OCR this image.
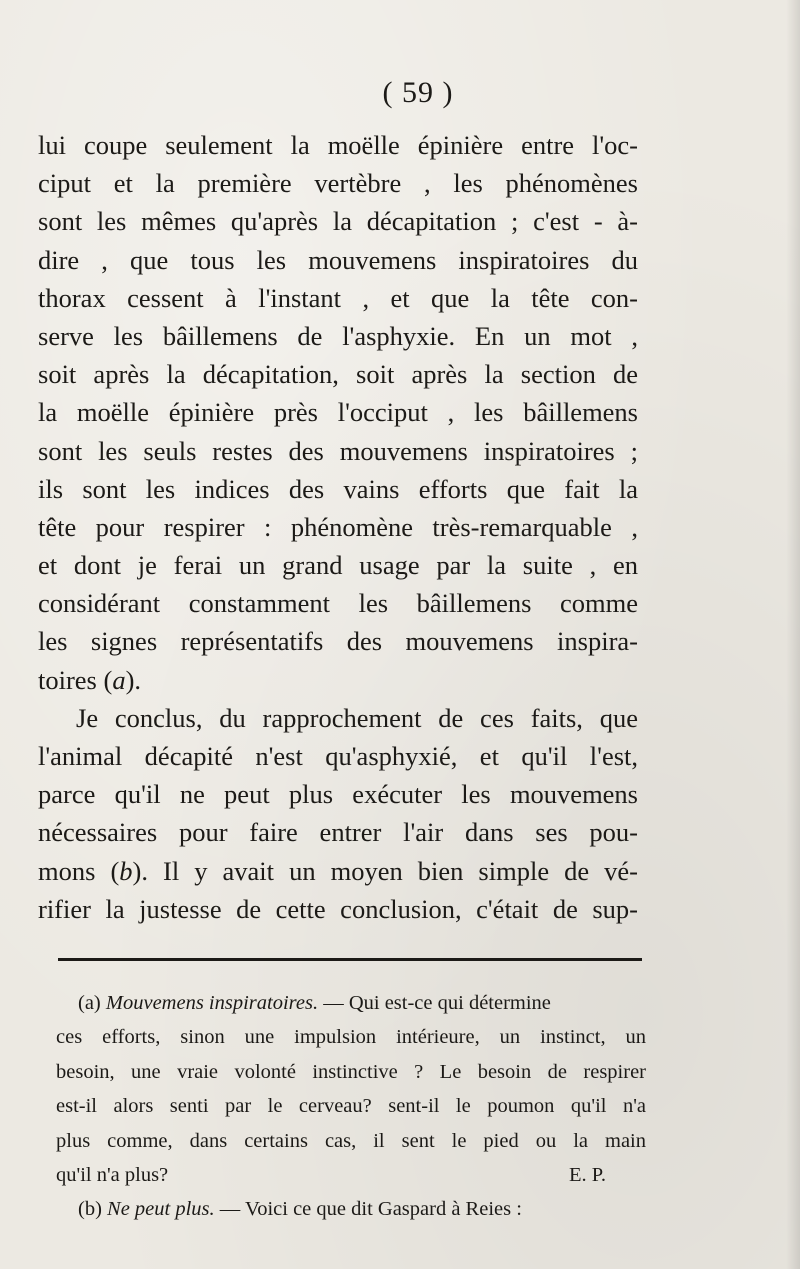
( 59 )
lui coupe seulement la moëlle épinière entre l'oc-
ciput et la première vertèbre , les phénomènes
sont les mêmes qu'après la décapitation ; c'est - à-
dire , que tous les mouvemens inspiratoires du
thorax cessent à l'instant , et que la tête con-
serve les bâillemens de l'asphyxie. En un mot ,
soit après la décapitation, soit après la section de
la moëlle épinière près l'occiput , les bâillemens
sont les seuls restes des mouvemens inspiratoires ;
ils sont les indices des vains efforts que fait la
tête pour respirer : phénomène très-remarquable ,
et dont je ferai un grand usage par la suite , en
considérant constamment les bâillemens comme
les signes représentatifs des mouvemens inspira-
toires (a).
Je conclus, du rapprochement de ces faits, que
l'animal décapité n'est qu'asphyxié, et qu'il l'est,
parce qu'il ne peut plus exécuter les mouvemens
nécessaires pour faire entrer l'air dans ses pou-
mons (b). Il y avait un moyen bien simple de vé-
rifier la justesse de cette conclusion, c'était de sup-
(a) Mouvemens inspiratoires. — Qui est-ce qui détermine
ces efforts, sinon une impulsion intérieure, un instinct, un
besoin, une vraie volonté instinctive ? Le besoin de respirer
est-il alors senti par le cerveau? sent-il le poumon qu'il n'a
plus comme, dans certains cas, il sent le pied ou la main
qu'il n'a plus?	E. P.
(b) Ne peut plus. — Voici ce que dit Gaspard à Reies :
